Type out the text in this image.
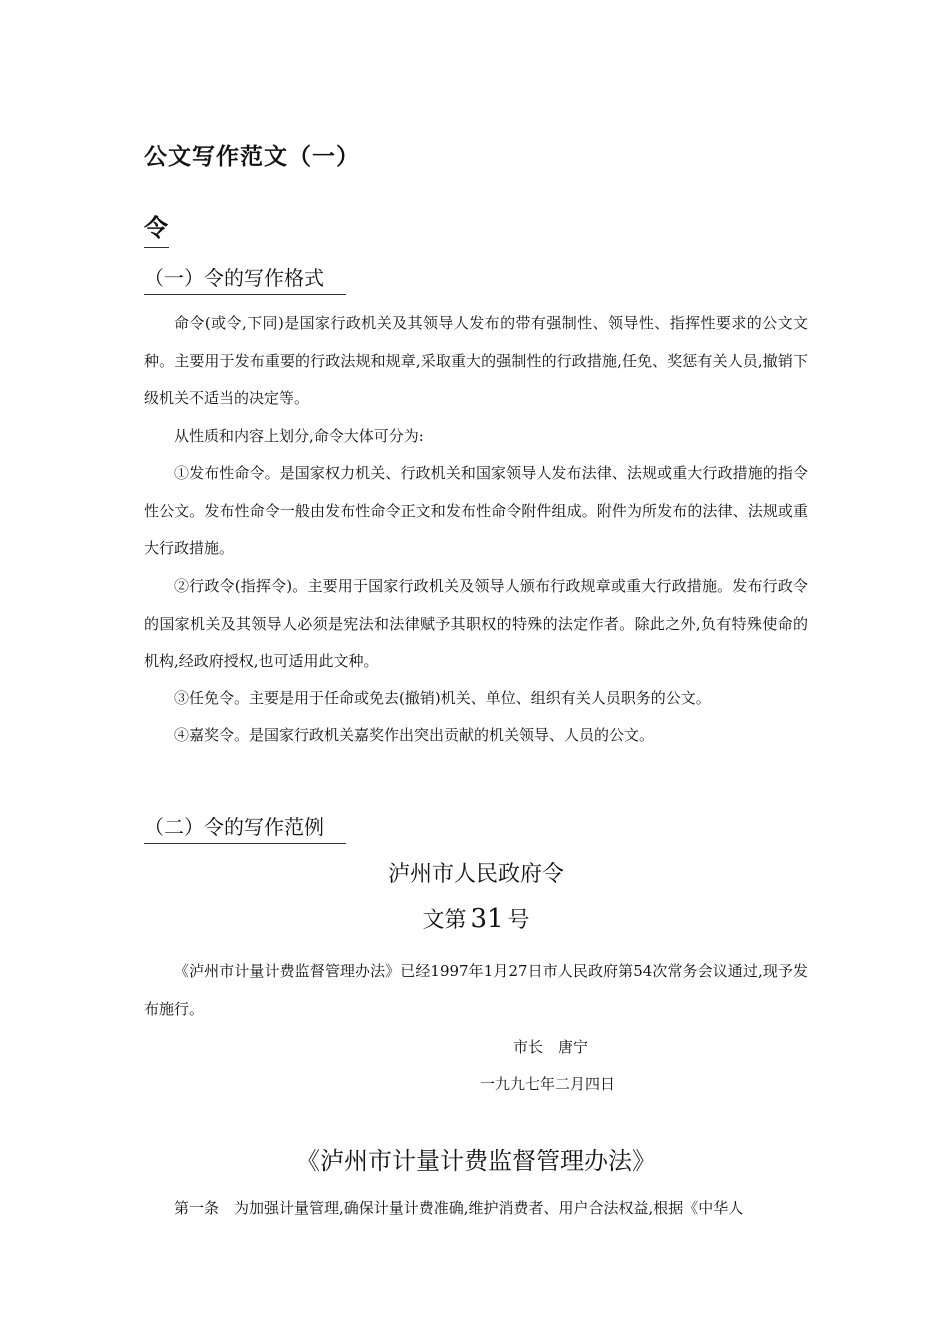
公文写作范文（一）
令
（一）令的写作格式

命令(或令,下同)是国家行政机关及其领导人发布的带有强制性、领导性、指挥性要求的公文文种。主要用于发布重要的行政法规和规章,采取重大的强制性的行政措施,任免、奖惩有关人员,撤销下级机关不适当的决定等。

从性质和内容上划分,命令大体可分为:

①发布性命令。是国家权力机关、行政机关和国家领导人发布法律、法规或重大行政措施的指令性公文。发布性命令一般由发布性命令正文和发布性命令附件组成。附件为所发布的法律、法规或重大行政措施。

②行政令(指挥令)。主要用于国家行政机关及领导人颁布行政规章或重大行政措施。发布行政令的国家机关及其领导人必须是宪法和法律赋予其职权的特殊的法定作者。除此之外,负有特殊使命的机构,经政府授权,也可适用此文种。

③任免令。主要是用于任命或免去(撤销)机关、单位、组织有关人员职务的公文。

④嘉奖令。是国家行政机关嘉奖作出突出贡献的机关领导、人员的公文。

（二）令的写作范例
泸州市人民政府令
文第 31 号

《泸州市计量计费监督管理办法》已经1997年1月27日市人民政府第54次常务会议通过,现予发布施行。

市长　唐宁
一九九七年二月四日
《泸州市计量计费监督管理办法》

第一条　为加强计量管理,确保计量计费准确,维护消费者、用户合法权益,根据《中华人
